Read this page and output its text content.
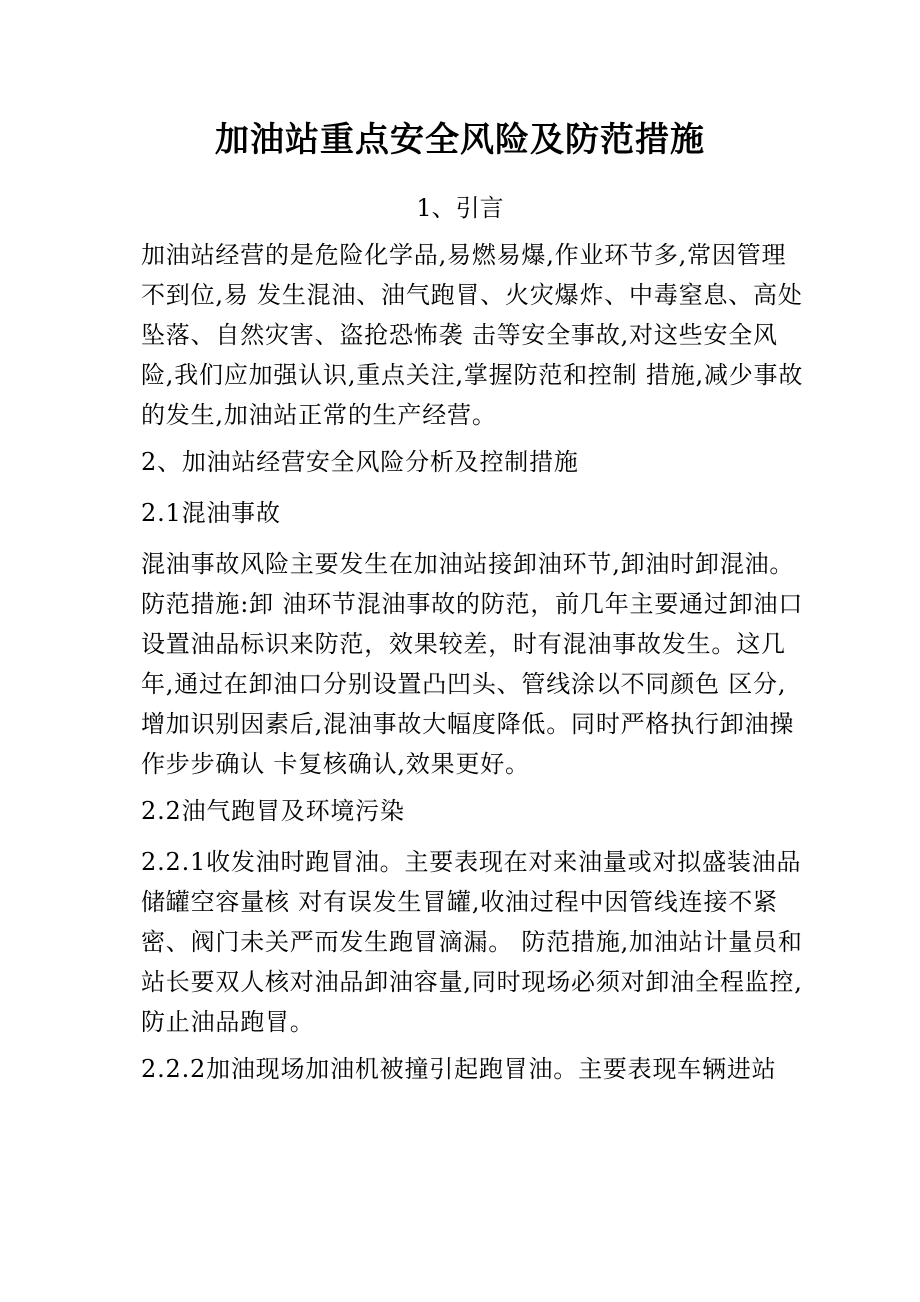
加油站重点安全风险及防范措施

1、引言

加油站经营的是危险化学品,易燃易爆,作业环节多,常因管理不到位,易 发生混油、油气跑冒、火灾爆炸、中毒窒息、高处坠落、自然灾害、盗抢恐怖袭 击等安全事故,对这些安全风险,我们应加强认识,重点关注,掌握防范和控制 措施,减少事故的发生,加油站正常的生产经营。

2、加油站经营安全风险分析及控制措施

2.1混油事故

混油事故风险主要发生在加油站接卸油环节,卸油时卸混油。防范措施:卸 油环节混油事故的防范，前几年主要通过卸油口设置油品标识来防范，效果较差，时有混油事故发生。这几年,通过在卸油口分别设置凸凹头、管线涂以不同颜色 区分,增加识别因素后,混油事故大幅度降低。同时严格执行卸油操作步步确认 卡复核确认,效果更好。

2.2油气跑冒及环境污染

2.2.1收发油时跑冒油。主要表现在对来油量或对拟盛装油品储罐空容量核 对有误发生冒罐,收油过程中因管线连接不紧密、阀门未关严而发生跑冒滴漏。 防范措施,加油站计量员和站长要双人核对油品卸油容量,同时现场必须对卸油全程监控,防止油品跑冒。

2.2.2加油现场加油机被撞引起跑冒油。主要表现车辆进站
